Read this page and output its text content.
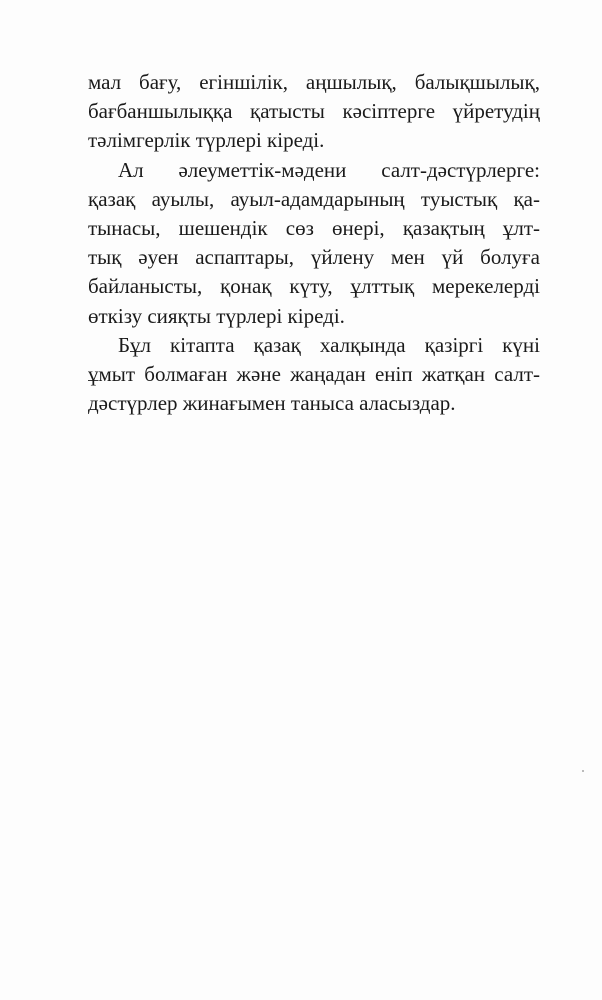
мал бағу, егіншілік, аңшылық, балықшылық,
бағбаншылыққа қатысты кәсіптерге үйретудің
тәлімгерлік түрлері кіреді.
Ал әлеуметтік-мәдени салт-дәстүрлерге:
қазақ ауылы, ауыл-адамдарының туыстық қа-
тынасы, шешендік сөз өнері, қазақтың ұлт-
тық әуен аспаптары, үйлену мен үй болуға
байланысты, қонақ күту, ұлттық мерекелерді
өткізу сияқты түрлері кіреді.
Бұл кітапта қазақ халқында қазіргі күні
ұмыт болмаған және жаңадан еніп жатқан салт-
дәстүрлер жинағымен таныса аласыздар.
